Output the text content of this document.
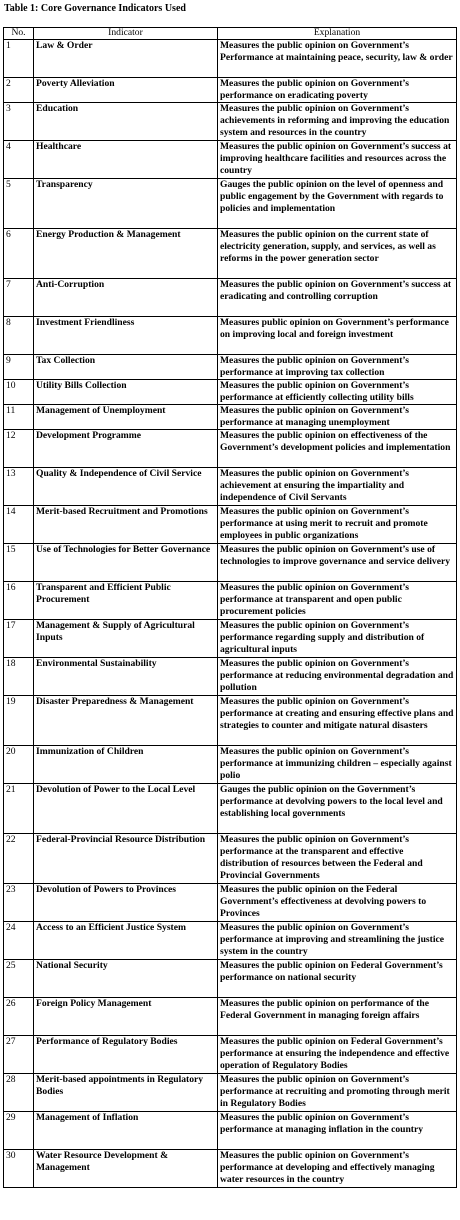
Table 1: Core Governance Indicators Used
No.	Indicator	Explanation
1	Law & Order	Measures the public opinion on Government’s Performance at maintaining peace, security, law & order
2	Poverty Alleviation	Measures the public opinion on Government’s performance on eradicating poverty
3	Education	Measures the public opinion on Government’s achievements in reforming and improving the education system and resources in the country
4	Healthcare	Measures the public opinion on Government’s success at improving healthcare facilities and resources across the country
5	Transparency	Gauges the public opinion on the level of openness and public engagement by the Government with regards to policies and implementation
6	Energy Production & Management	Measures the public opinion on the current state of electricity generation, supply, and services, as well as reforms in the power generation sector
7	Anti-Corruption	Measures the public opinion on Government’s success at eradicating and controlling corruption
8	Investment Friendliness	Measures public opinion on Government’s performance on improving local and foreign investment
9	Tax Collection	Measures the public opinion on Government’s performance at improving tax collection
10	Utility Bills Collection	Measures the public opinion on Government’s performance at efficiently collecting utility bills
11	Management of Unemployment	Measures the public opinion on Government’s performance at managing unemployment
12	Development Programme	Measures the public opinion on effectiveness of the Government’s development policies and implementation
13	Quality & Independence of Civil Service	Measures the public opinion on Government’s achievement at ensuring the impartiality and independence of Civil Servants
14	Merit-based Recruitment and Promotions	Measures the public opinion on Government’s performance at using merit to recruit and promote employees in public organizations
15	Use of Technologies for Better Governance	Measures the public opinion on Government’s use of technologies to improve governance and service delivery
16	Transparent and Efficient Public Procurement	Measures the public opinion on Government’s performance at transparent and open public procurement policies
17	Management & Supply of Agricultural Inputs	Measures the public opinion on Government’s performance regarding supply and distribution of agricultural inputs
18	Environmental Sustainability	Measures the public opinion on Government’s performance at reducing environmental degradation and pollution
19	Disaster Preparedness & Management	Measures the public opinion on Government’s performance at creating and ensuring effective plans and strategies to counter and mitigate natural disasters
20	Immunization of Children	Measures the public opinion on Government’s performance at immunizing children – especially against polio
21	Devolution of Power to the Local Level	Gauges the public opinion on the Government’s performance at devolving powers to the local level and establishing local governments
22	Federal-Provincial Resource Distribution	Measures the public opinion on Government’s performance at the transparent and effective distribution of resources between the Federal and Provincial Governments
23	Devolution of Powers to Provinces	Measures the public opinion on the Federal Government’s effectiveness at devolving powers to Provinces
24	Access to an Efficient Justice System	Measures the public opinion on Government’s performance at improving and streamlining the justice system in the country
25	National Security	Measures the public opinion on Federal Government’s performance on national security
26	Foreign Policy Management	Measures the public opinion on performance of the Federal Government in managing foreign affairs
27	Performance of Regulatory Bodies	Measures the public opinion on Federal Government’s performance at ensuring the independence and effective operation of Regulatory Bodies
28	Merit-based appointments in Regulatory Bodies	Measures the public opinion on Government’s performance at recruiting and promoting through merit in Regulatory Bodies
29	Management of Inflation	Measures the public opinion on Government’s performance at managing inflation in the country
30	Water Resource Development & Management	Measures the public opinion on Government’s performance at developing and effectively managing water resources in the country
